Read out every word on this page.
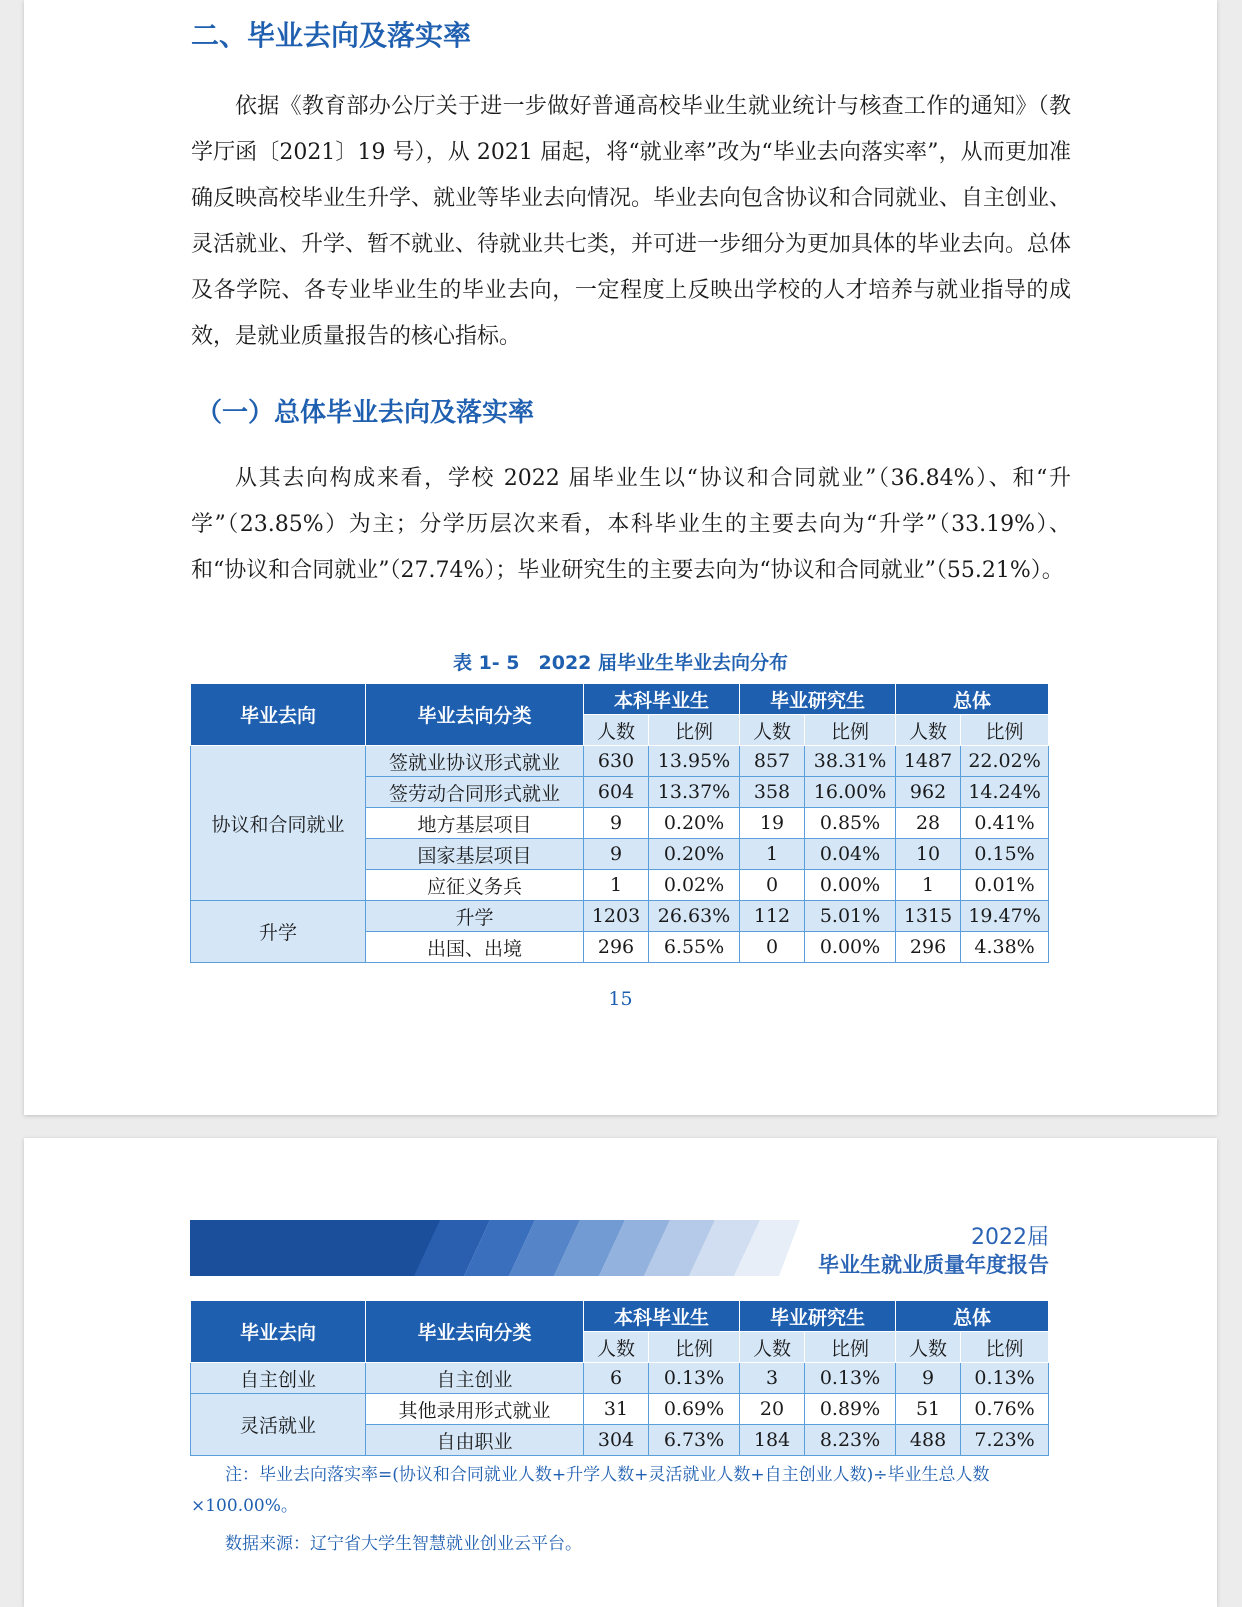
二、毕业去向及落实率

依据《教育部办公厅关于进一步做好普通高校毕业生就业统计与核查工作的通知》（教学厅函〔2021〕19 号），从 2021 届起，将“就业率”改为“毕业去向落实率”，从而更加准确反映高校毕业生升学、就业等毕业去向情况。毕业去向包含协议和合同就业、自主创业、灵活就业、升学、暂不就业、待就业共七类，并可进一步细分为更加具体的毕业去向。总体及各学院、各专业毕业生的毕业去向，一定程度上反映出学校的人才培养与就业指导的成效，是就业质量报告的核心指标。

（一）总体毕业去向及落实率

从其去向构成来看，学校 2022 届毕业生以“协议和合同就业”（36.84%）、和“升学”（23.85%）为主；分学历层次来看，本科毕业生的主要去向为“升学”（33.19%）、和“协议和合同就业”（27.74%）；毕业研究生的主要去向为“协议和合同就业”（55.21%）。

表 1- 5　2022 届毕业生毕业去向分布
毕业去向	毕业去向分类	本科毕业生		毕业研究生		总体	
		人数	比例	人数	比例	人数	比例
协议和合同就业	签就业协议形式就业	630	13.95%	857	38.31%	1487	22.02%
	签劳动合同形式就业	604	13.37%	358	16.00%	962	14.24%
	地方基层项目	9	0.20%	19	0.85%	28	0.41%
	国家基层项目	9	0.20%	1	0.04%	10	0.15%
	应征义务兵	1	0.02%	0	0.00%	1	0.01%
升学	升学	1203	26.63%	112	5.01%	1315	19.47%
	出国、出境	296	6.55%	0	0.00%	296	4.38%
15
2022届
毕业生就业质量年度报告
毕业去向	毕业去向分类	本科毕业生		毕业研究生		总体	
		人数	比例	人数	比例	人数	比例
自主创业	自主创业	6	0.13%	3	0.13%	9	0.13%
灵活就业	其他录用形式就业	31	0.69%	20	0.89%	51	0.76%
	自由职业	304	6.73%	184	8.23%	488	7.23%
注：毕业去向落实率=(协议和合同就业人数+升学人数+灵活就业人数+自主创业人数)÷毕业生总人数×100.00%。
数据来源：辽宁省大学生智慧就业创业云平台。
